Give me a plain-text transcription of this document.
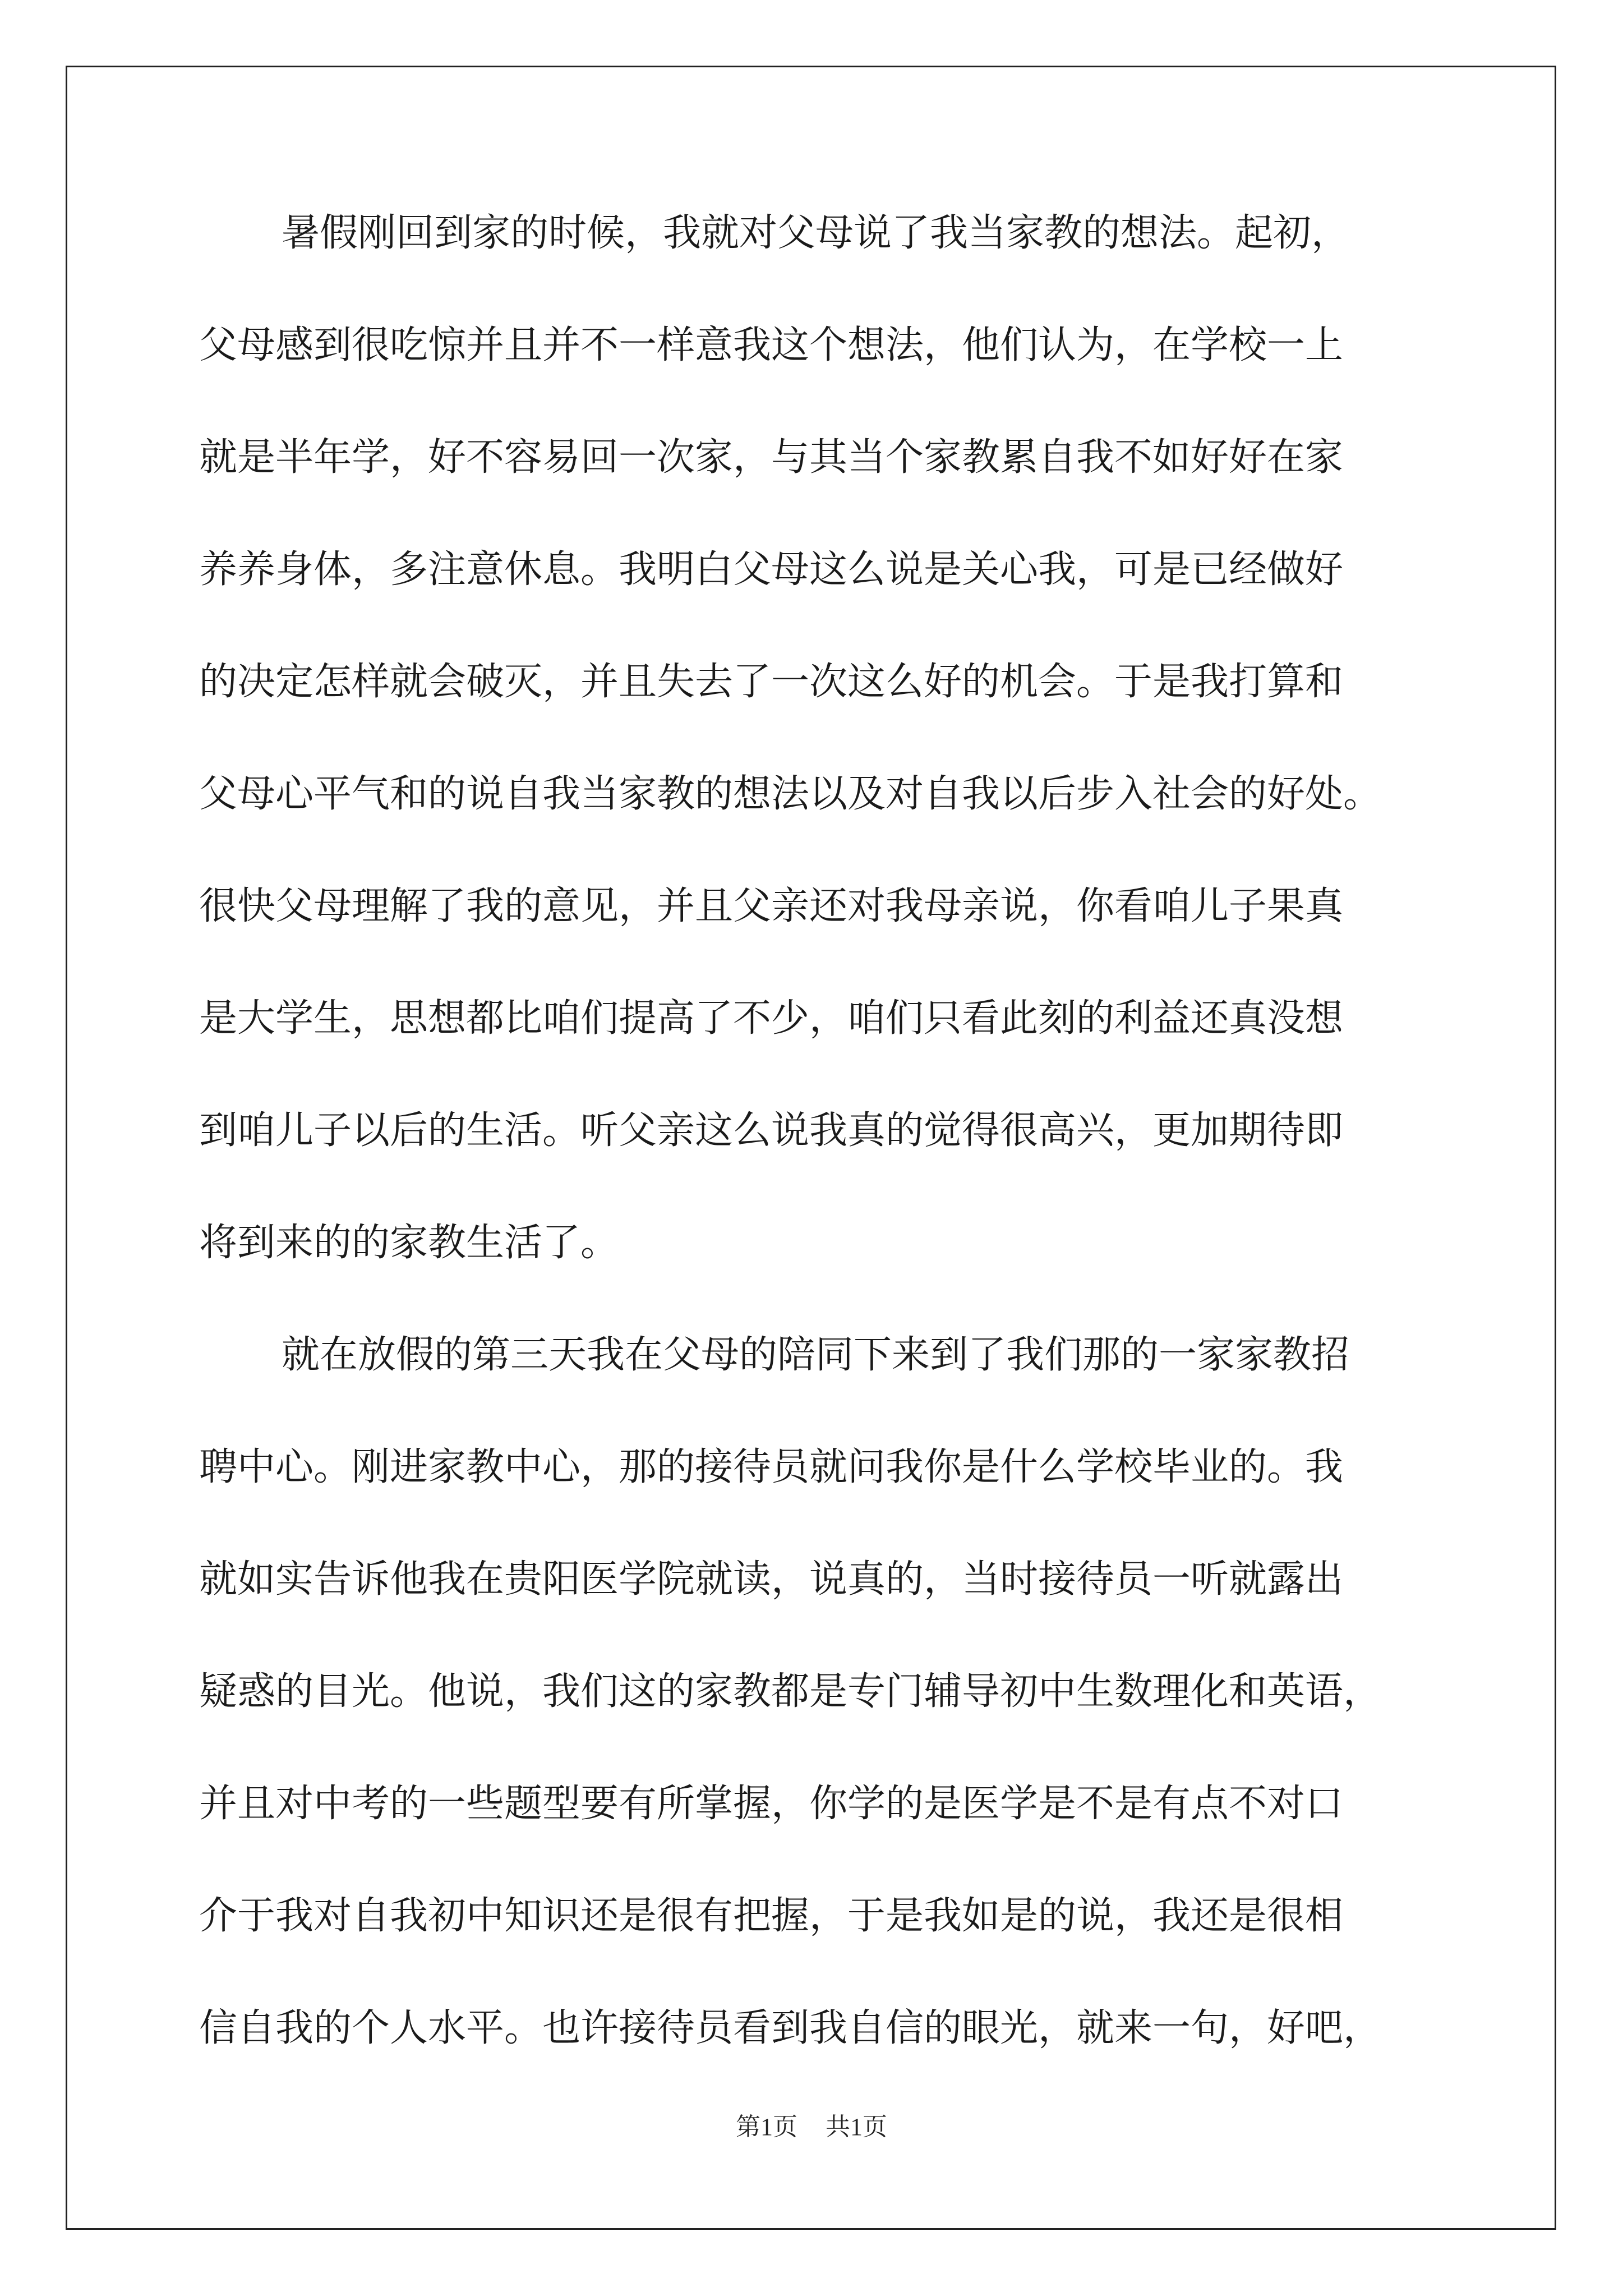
暑假刚回到家的时候，我就对父母说了我当家教的想法。起初，
父母感到很吃惊并且并不一样意我这个想法，他们认为，在学校一上
就是半年学，好不容易回一次家，与其当个家教累自我不如好好在家
养养身体，多注意休息。我明白父母这么说是关心我，可是已经做好
的决定怎样就会破灭，并且失去了一次这么好的机会。于是我打算和
父母心平气和的说自我当家教的想法以及对自我以后步入社会的好处。
很快父母理解了我的意见，并且父亲还对我母亲说，你看咱儿子果真
是大学生，思想都比咱们提高了不少，咱们只看此刻的利益还真没想
到咱儿子以后的生活。听父亲这么说我真的觉得很高兴，更加期待即
将到来的的家教生活了。
就在放假的第三天我在父母的陪同下来到了我们那的一家家教招
聘中心。刚进家教中心，那的接待员就问我你是什么学校毕业的。我
就如实告诉他我在贵阳医学院就读，说真的，当时接待员一听就露出
疑惑的目光。他说，我们这的家教都是专门辅导初中生数理化和英语，
并且对中考的一些题型要有所掌握，你学的是医学是不是有点不对口
介于我对自我初中知识还是很有把握，于是我如是的说，我还是很相
信自我的个人水平。也许接待员看到我自信的眼光，就来一句，好吧，
第1页 共1页
